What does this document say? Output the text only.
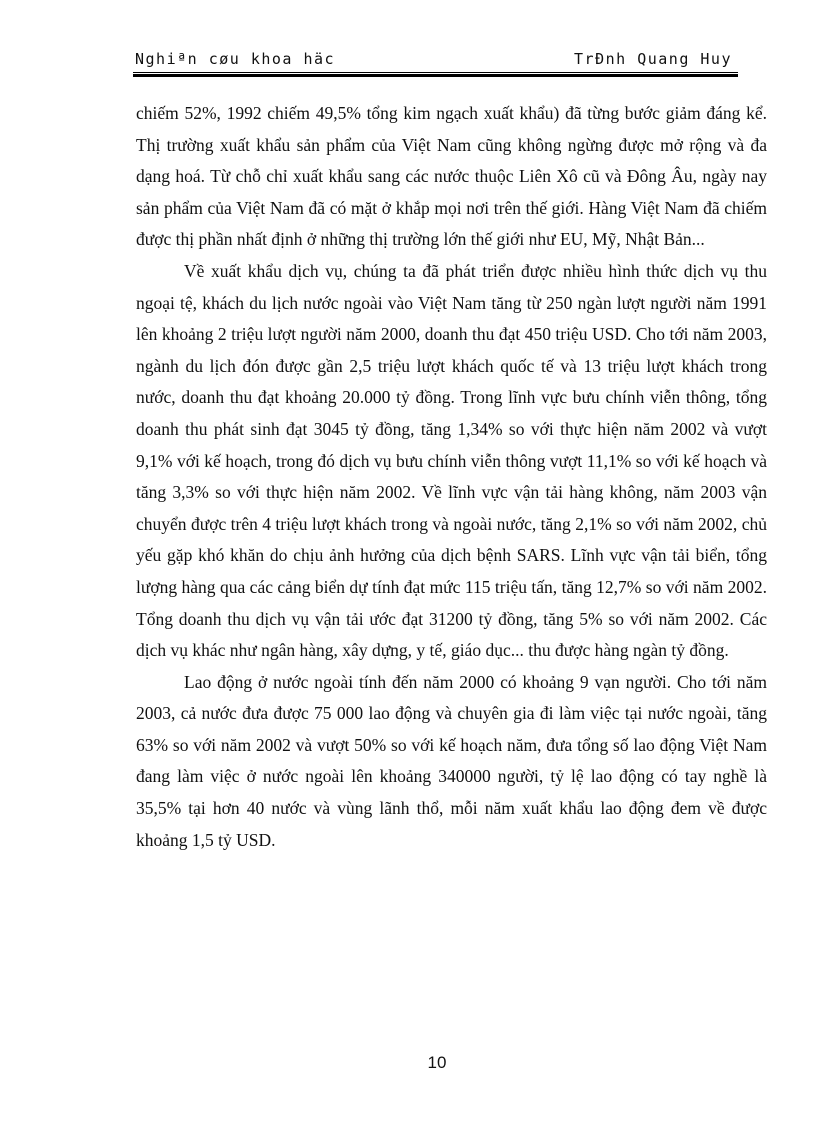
Nghiªn cøu khoa häc	TrÐnh Quang Huy

chiếm 52%, 1992 chiếm 49,5% tổng kim ngạch xuất khẩu) đã từng bước giảm đáng kể. Thị trường xuất khẩu sản phẩm của Việt Nam cũng không ngừng được mở rộng và đa dạng hoá. Từ chỗ chỉ xuất khẩu sang các nước thuộc Liên Xô cũ và Đông Âu, ngày nay sản phẩm của Việt Nam đã có mặt ở khắp mọi nơi trên thế giới. Hàng Việt Nam đã chiếm được thị phần nhất định ở những thị trường lớn thế giới như EU, Mỹ, Nhật Bản...

Về xuất khẩu dịch vụ, chúng ta đã phát triển được nhiều hình thức dịch vụ thu ngoại tệ, khách du lịch nước ngoài vào Việt Nam tăng từ 250 ngàn lượt người năm 1991 lên khoảng 2 triệu lượt người năm 2000, doanh thu đạt 450 triệu USD. Cho tới năm 2003, ngành du lịch đón được gần 2,5 triệu lượt khách quốc tế và 13 triệu lượt khách trong nước, doanh thu đạt khoảng 20.000 tỷ đồng. Trong lĩnh vực bưu chính viễn thông, tổng doanh thu phát sinh đạt 3045 tỷ đồng, tăng 1,34% so với thực hiện năm 2002 và vượt 9,1% với kế hoạch, trong đó dịch vụ bưu chính viễn thông vượt 11,1% so với kế hoạch và tăng 3,3% so với thực hiện năm 2002. Về lĩnh vực vận tải hàng không, năm 2003 vận chuyển được trên 4 triệu lượt khách trong và ngoài nước, tăng 2,1% so với năm 2002, chủ yếu gặp khó khăn do chịu ảnh hưởng của dịch bệnh SARS. Lĩnh vực vận tải biển, tổng lượng hàng qua các cảng biển dự tính đạt mức 115 triệu tấn, tăng 12,7% so với năm 2002. Tổng doanh thu dịch vụ vận tải ước đạt 31200 tỷ đồng, tăng 5% so với năm 2002. Các dịch vụ khác như ngân hàng, xây dựng, y tế, giáo dục... thu được hàng ngàn tỷ đồng.

Lao động ở nước ngoài tính đến năm 2000 có khoảng 9 vạn người. Cho tới năm 2003, cả nước đưa được 75 000 lao động và chuyên gia đi làm việc tại nước ngoài, tăng 63% so với năm 2002 và vượt 50% so với kế hoạch năm, đưa tổng số lao động Việt Nam đang làm việc ở nước ngoài lên khoảng 340000 người, tỷ lệ lao động có tay nghề là 35,5% tại hơn 40 nước và vùng lãnh thổ, mỗi năm xuất khẩu lao động đem về được khoảng 1,5 tỷ USD.

10
